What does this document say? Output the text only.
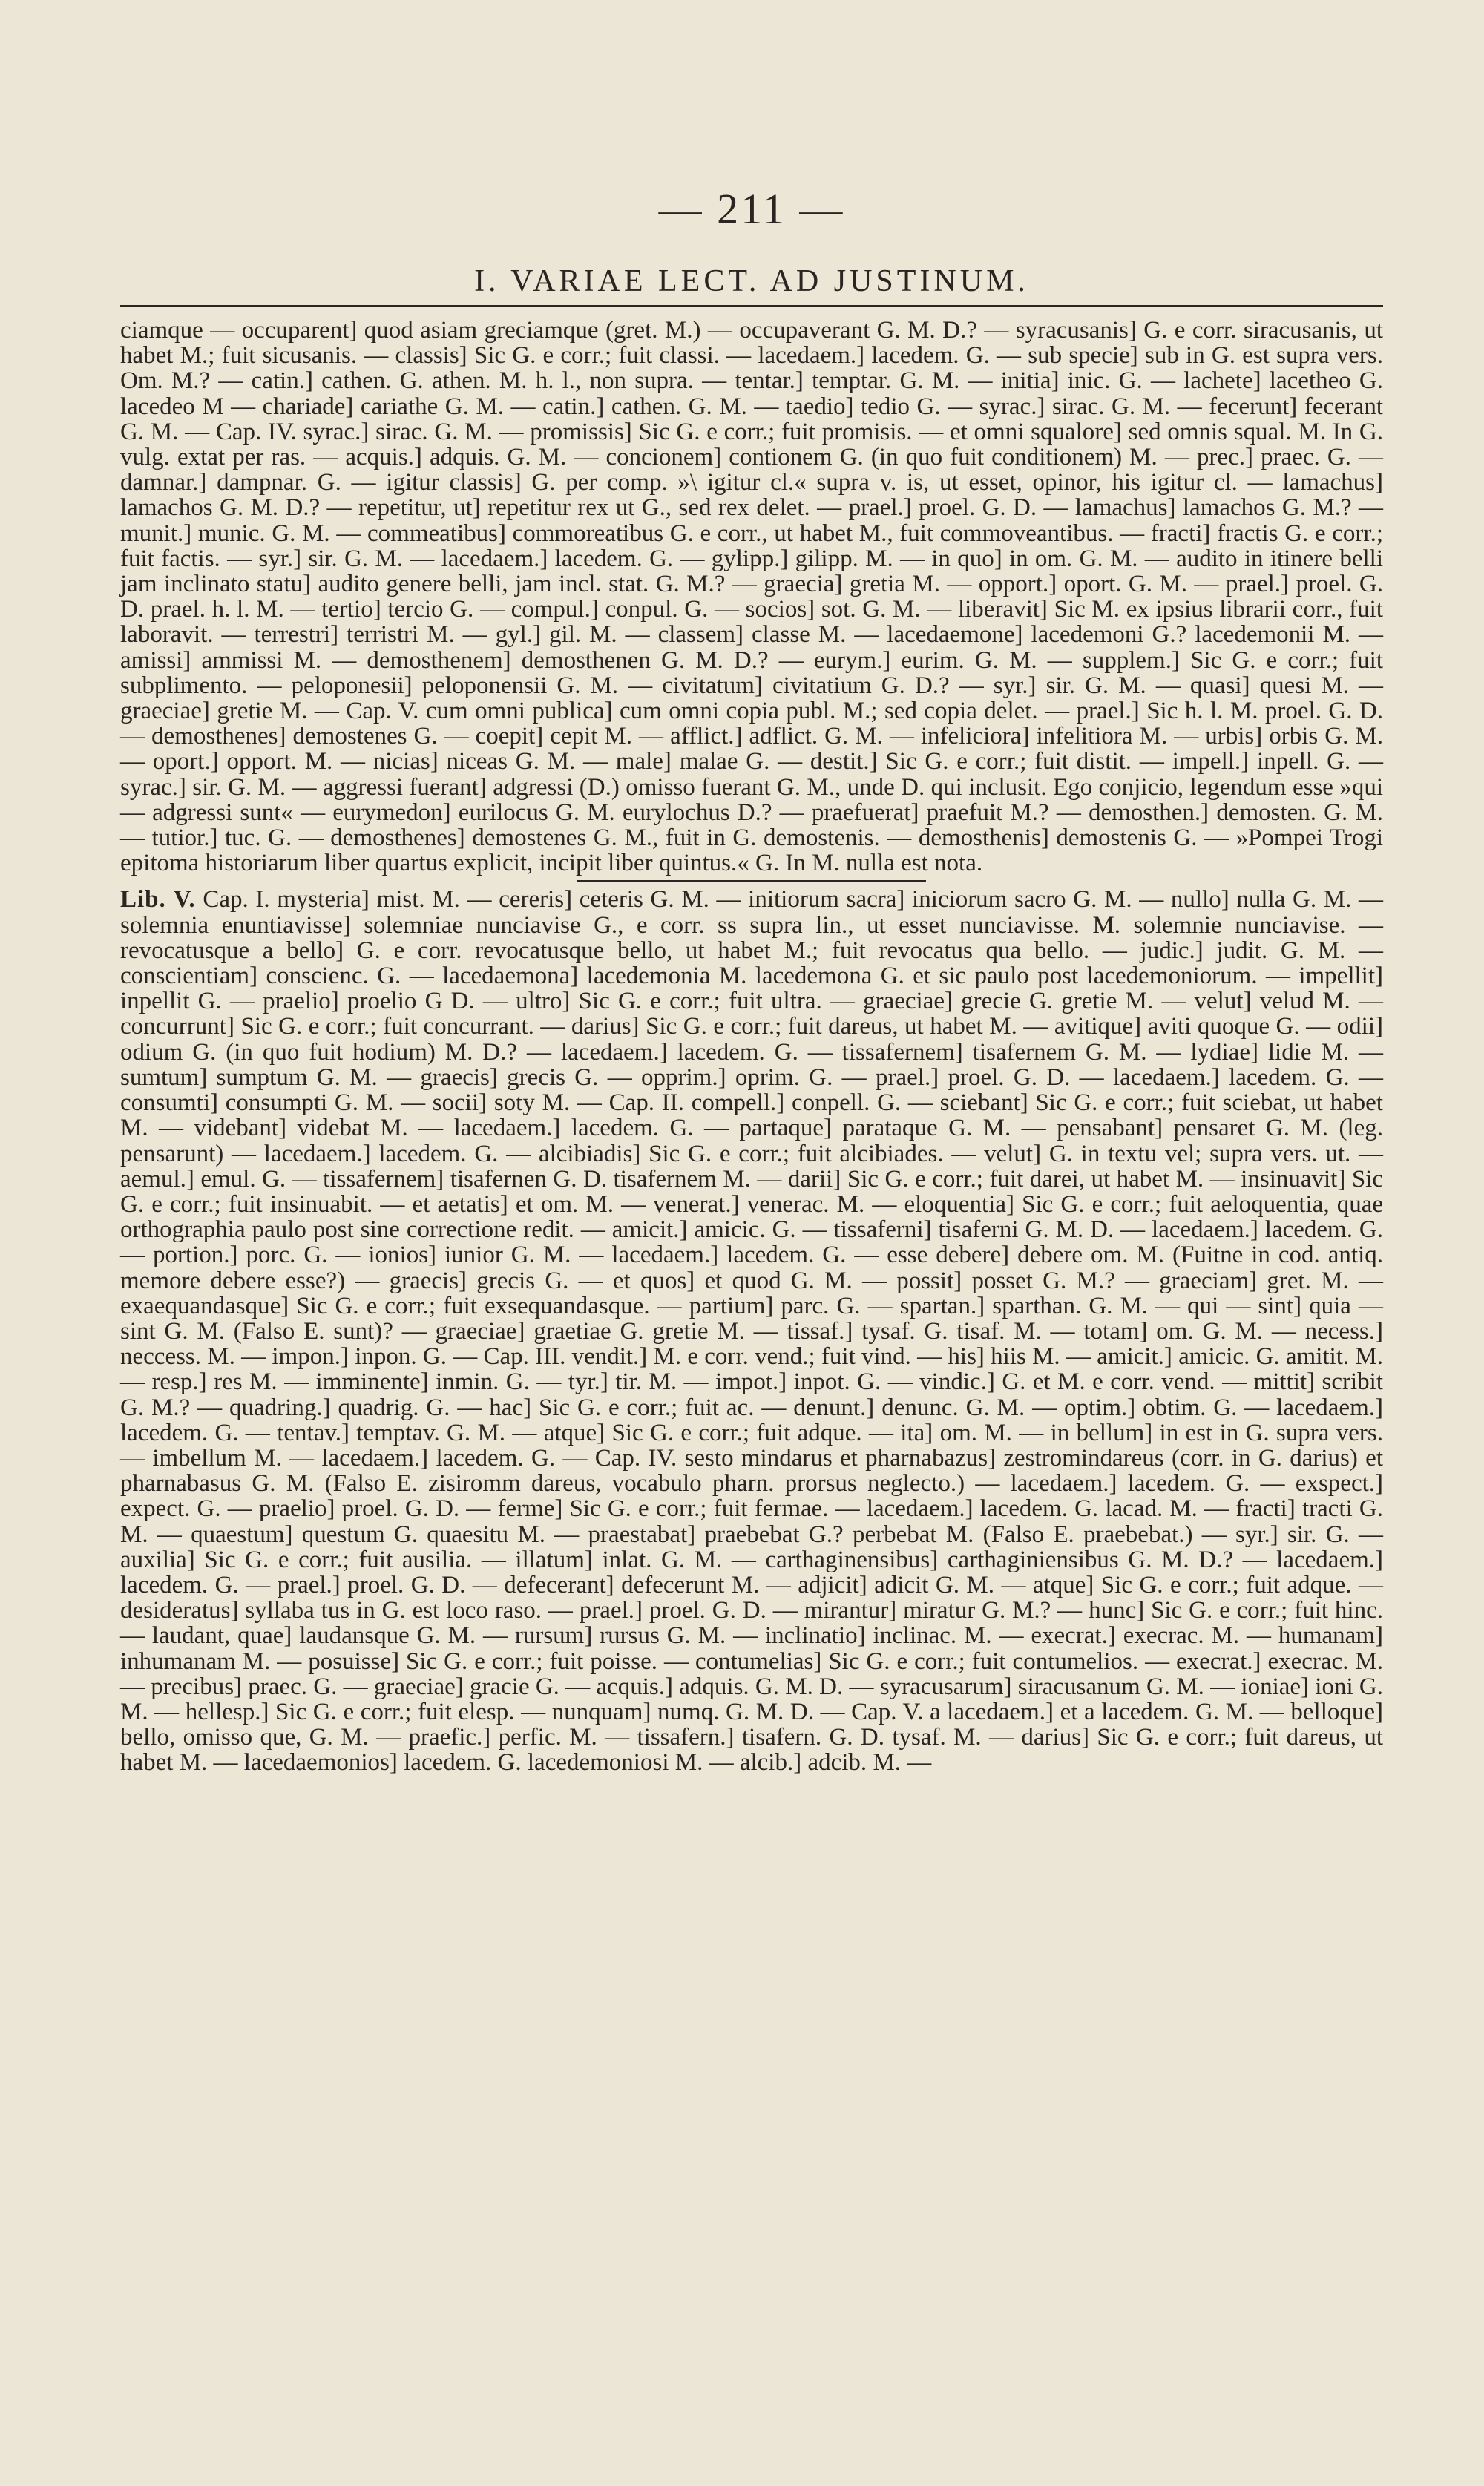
— 211 —
I. VARIAE LECT. AD JUSTINUM.

ciamque — occuparent] quod asiam greciamque (gret. M.) — occupaverant G. M. D.? — syracusanis] G. e corr. siracusanis, ut habet M.; fuit sicusanis. — classis] Sic G. e corr.; fuit classi. — lacedaem.] lacedem. G. — sub specie] sub in G. est supra vers. Om. M.? — catin.] cathen. G. athen. M. h. l., non supra. — tentar.] temptar. G. M. — initia] inic. G. — lachete] lacetheo G. lacedeo M — chariade] cariathe G. M. — catin.] cathen. G. M. — taedio] tedio G. — syrac.] sirac. G. M. — fecerunt] fecerant G. M. — Cap. IV. syrac.] sirac. G. M. — promissis] Sic G. e corr.; fuit promisis. — et omni squalore] sed omnis squal. M. In G. vulg. extat per ras. — acquis.] adquis. G. M. — concionem] contionem G. (in quo fuit conditionem) M. — prec.] praec. G. — damnar.] dampnar. G. — igitur classis] G. per comp. »\ igitur cl.« supra v. is, ut esset, opinor, his igitur cl. — lamachus] lamachos G. M. D.? — repetitur, ut] repetitur rex ut G., sed rex delet. — prael.] proel. G. D. — lamachus] lamachos G. M.? — munit.] munic. G. M. — commeatibus] commoreatibus G. e corr., ut habet M., fuit commoveantibus. — fracti] fractis G. e corr.; fuit factis. — syr.] sir. G. M. — lacedaem.] lacedem. G. — gylipp.] gilipp. M. — in quo] in om. G. M. — audito in itinere belli jam inclinato statu] audito genere belli, jam incl. stat. G. M.? — graecia] gretia M. — opport.] oport. G. M. — prael.] proel. G. D. prael. h. l. M. — tertio] tercio G. — compul.] conpul. G. — socios] sot. G. M. — liberavit] Sic M. ex ipsius librarii corr., fuit laboravit. — terrestri] terristri M. — gyl.] gil. M. — classem] classe M. — lacedaemone] lacedemoni G.? lacedemonii M. — amissi] ammissi M. — demosthenem] demosthenen G. M. D.? — eurym.] eurim. G. M. — supplem.] Sic G. e corr.; fuit subplimento. — peloponesii] peloponensii G. M. — civitatum] civitatium G. D.? — syr.] sir. G. M. — quasi] quesi M. — graeciae] gretie M. — Cap. V. cum omni publica] cum omni copia publ. M.; sed copia delet. — prael.] Sic h. l. M. proel. G. D. — demosthenes] demostenes G. — coepit] cepit M. — afflict.] adflict. G. M. — infeliciora] infelitiora M. — urbis] orbis G. M. — oport.] opport. M. — nicias] niceas G. M. — male] malae G. — destit.] Sic G. e corr.; fuit distit. — impell.] inpell. G. — syrac.] sir. G. M. — aggressi fuerant] adgressi (D.) omisso fuerant G. M., unde D. qui inclusit. Ego conjicio, legendum esse »qui — adgressi sunt« — eurymedon] eurilocus G. M. eurylochus D.? — praefuerat] praefuit M.? — demosthen.] demosten. G. M. — tutior.] tuc. G. — demosthenes] demostenes G. M., fuit in G. demostenis. — demosthenis] demostenis G. — »Pompei Trogi epitoma historiarum liber quartus explicit, incipit liber quintus.« G. In M. nulla est nota.

Lib. V. Cap. I. mysteria] mist. M. — cereris] ceteris G. M. — initiorum sacra] iniciorum sacro G. M. — nullo] nulla G. M. — solemnia enuntiavisse] solemniae nunciavise G., e corr. ss supra lin., ut esset nunciavisse. M. solemnie nunciavise. — revocatusque a bello] G. e corr. revocatusque bello, ut habet M.; fuit revocatus qua bello. — judic.] judit. G. M. — conscientiam] conscienc. G. — lacedaemona] lacedemonia M. lacedemona G. et sic paulo post lacedemoniorum. — impellit] inpellit G. — praelio] proelio G D. — ultro] Sic G. e corr.; fuit ultra. — graeciae] grecie G. gretie M. — velut] velud M. — concurrunt] Sic G. e corr.; fuit concurrant. — darius] Sic G. e corr.; fuit dareus, ut habet M. — avitique] aviti quoque G. — odii] odium G. (in quo fuit hodium) M. D.? — lacedaem.] lacedem. G. — tissafernem] tisafernem G. M. — lydiae] lidie M. — sumtum] sumptum G. M. — graecis] grecis G. — opprim.] oprim. G. — prael.] proel. G. D. — lacedaem.] lacedem. G. — consumti] consumpti G. M. — socii] soty M. — Cap. II. compell.] conpell. G. — sciebant] Sic G. e corr.; fuit sciebat, ut habet M. — videbant] videbat M. — lacedaem.] lacedem. G. — partaque] parataque G. M. — pensabant] pensaret G. M. (leg. pensarunt) — lacedaem.] lacedem. G. — alcibiadis] Sic G. e corr.; fuit alcibiades. — velut] G. in textu vel; supra vers. ut. — aemul.] emul. G. — tissafernem] tisafernen G. D. tisafernem M. — darii] Sic G. e corr.; fuit darei, ut habet M. — insinuavit] Sic G. e corr.; fuit insinuabit. — et aetatis] et om. M. — venerat.] venerac. M. — eloquentia] Sic G. e corr.; fuit aeloquentia, quae orthographia paulo post sine correctione redit. — amicit.] amicic. G. — tissaferni] tisaferni G. M. D. — lacedaem.] lacedem. G. — portion.] porc. G. — ionios] iunior G. M. — lacedaem.] lacedem. G. — esse debere] debere om. M. (Fuitne in cod. antiq. memore debere esse?) — graecis] grecis G. — et quos] et quod G. M. — possit] posset G. M.? — graeciam] gret. M. — exaequandasque] Sic G. e corr.; fuit exsequandasque. — partium] parc. G. — spartan.] sparthan. G. M. — qui — sint] quia — sint G. M. (Falso E. sunt)? — graeciae] graetiae G. gretie M. — tissaf.] tysaf. G. tisaf. M. — totam] om. G. M. — necess.] neccess. M. — impon.] inpon. G. — Cap. III. vendit.] M. e corr. vend.; fuit vind. — his] hiis M. — amicit.] amicic. G. amitit. M. — resp.] res M. — imminente] inmin. G. — tyr.] tir. M. — impot.] inpot. G. — vindic.] G. et M. e corr. vend. — mittit] scribit G. M.? — quadring.] quadrig. G. — hac] Sic G. e corr.; fuit ac. — denunt.] denunc. G. M. — optim.] obtim. G. — lacedaem.] lacedem. G. — tentav.] temptav. G. M. — atque] Sic G. e corr.; fuit adque. — ita] om. M. — in bellum] in est in G. supra vers. — imbellum M. — lacedaem.] lacedem. G. — Cap. IV. sesto mindarus et pharnabazus] zestromindareus (corr. in G. darius) et pharnabasus G. M. (Falso E. zisiromm dareus, vocabulo pharn. prorsus neglecto.) — lacedaem.] lacedem. G. — exspect.] expect. G. — praelio] proel. G. D. — ferme] Sic G. e corr.; fuit fermae. — lacedaem.] lacedem. G. lacad. M. — fracti] tracti G. M. — quaestum] questum G. quaesitu M. — praestabat] praebebat G.? perbebat M. (Falso E. praebebat.) — syr.] sir. G. — auxilia] Sic G. e corr.; fuit ausilia. — illatum] inlat. G. M. — carthaginensibus] carthaginiensibus G. M. D.? — lacedaem.] lacedem. G. — prael.] proel. G. D. — defecerant] defecerunt M. — adjicit] adicit G. M. — atque] Sic G. e corr.; fuit adque. — desideratus] syllaba tus in G. est loco raso. — prael.] proel. G. D. — mirantur] miratur G. M.? — hunc] Sic G. e corr.; fuit hinc. — laudant, quae] laudansque G. M. — rursum] rursus G. M. — inclinatio] inclinac. M. — execrat.] execrac. M. — humanam] inhumanam M. — posuisse] Sic G. e corr.; fuit poisse. — contumelias] Sic G. e corr.; fuit contumelios. — execrat.] execrac. M. — precibus] praec. G. — graeciae] gracie G. — acquis.] adquis. G. M. D. — syracusarum] siracusanum G. M. — ioniae] ioni G. M. — hellesp.] Sic G. e corr.; fuit elesp. — nunquam] numq. G. M. D. — Cap. V. a lacedaem.] et a lacedem. G. M. — belloque] bello, omisso que, G. M. — praefic.] perfic. M. — tissafern.] tisafern. G. D. tysaf. M. — darius] Sic G. e corr.; fuit dareus, ut habet M. — lacedaemonios] lacedem. G. lacedemoniosi M. — alcib.] adcib. M. —
